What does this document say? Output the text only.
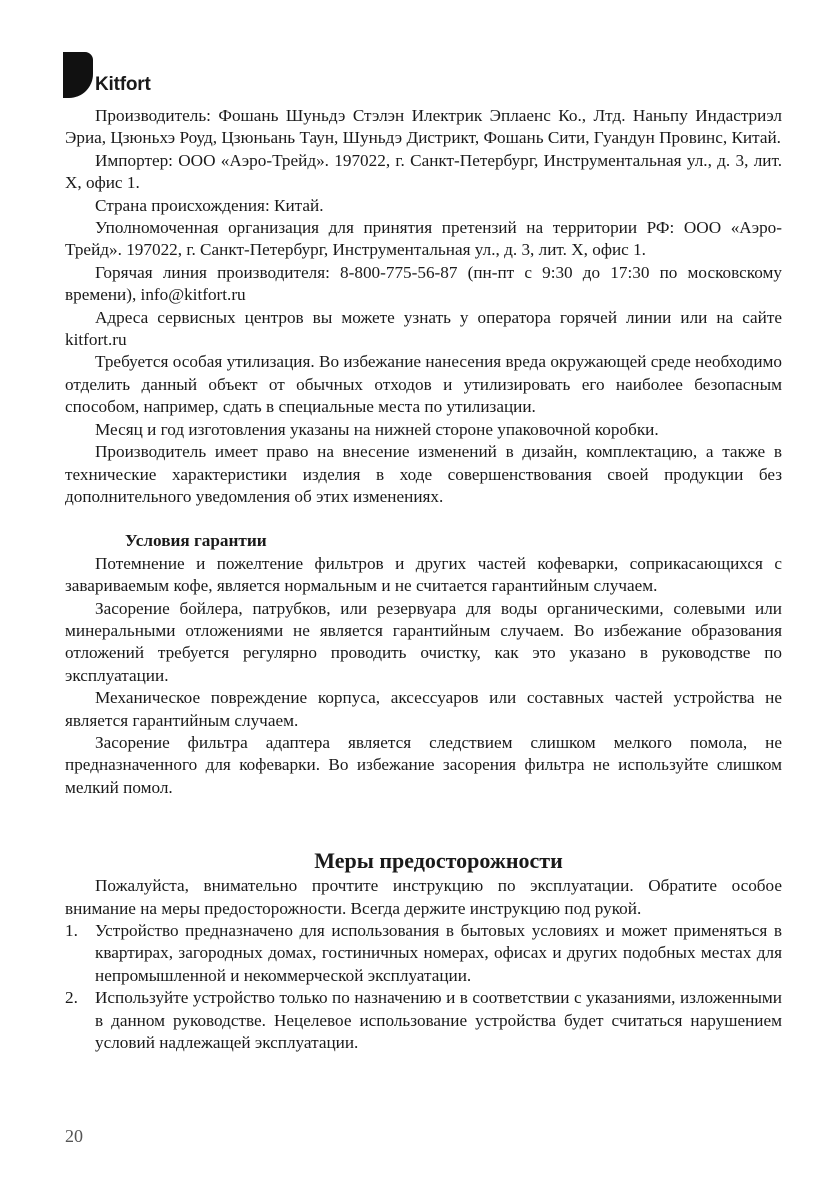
Kitfort

Производитель: Фошань Шуньдэ Стэлэн Илектрик Эплаенс Ко., Лтд. Наньпу Индастриэл Эриа, Цзюньхэ Роуд, Цзюньань Таун, Шуньдэ Дистрикт, Фошань Сити, Гуандун Провинс, Китай.

Импортер: ООО «Аэро-Трейд». 197022, г. Санкт-Петербург, Инструментальная ул., д. 3, лит. Х, офис 1.

Страна происхождения: Китай.

Уполномоченная организация для принятия претензий на территории РФ: ООО «Аэро-Трейд». 197022, г. Санкт-Петербург, Инструментальная ул., д. 3, лит. Х, офис 1.

Горячая линия производителя: 8-800-775-56-87 (пн-пт с 9:30 до 17:30 по московскому времени), info@kitfort.ru

Адреса сервисных центров вы можете узнать у оператора горячей линии или на сайте kitfort.ru

Требуется особая утилизация. Во избежание нанесения вреда окружающей среде необходимо отделить данный объект от обычных отходов и утилизировать его наиболее безопасным способом, например, сдать в специальные места по утилизации.

Месяц и год изготовления указаны на нижней стороне упаковочной коробки.

Производитель имеет право на внесение изменений в дизайн, комплектацию, а также в технические характеристики изделия в ходе совершенствования своей продукции без дополнительного уведомления об этих изменениях.

Условия гарантии

Потемнение и пожелтение фильтров и других частей кофеварки, соприкасающихся с завариваемым кофе, является нормальным и не считается гарантийным случаем.

Засорение бойлера, патрубков, или резервуара для воды органическими, солевыми или минеральными отложениями не является гарантийным случаем. Во избежание образования отложений требуется регулярно проводить очистку, как это указано в руководстве по эксплуатации.

Механическое повреждение корпуса, аксессуаров или составных частей устройства не является гарантийным случаем.

Засорение фильтра адаптера является следствием слишком мелкого помола, не предназначенного для кофеварки. Во избежание засорения фильтра не используйте слишком мелкий помол.

Меры предосторожности

Пожалуйста, внимательно прочтите инструкцию по эксплуатации. Обратите особое внимание на меры предосторожности. Всегда держите инструкцию под рукой.

1. Устройство предназначено для использования в бытовых условиях и может применяться в квартирах, загородных домах, гостиничных номерах, офисах и других подобных местах для непромышленной и некоммерческой эксплуатации.
2. Используйте устройство только по назначению и в соответствии с указаниями, изложенными в данном руководстве. Нецелевое использование устройства будет считаться нарушением условий надлежащей эксплуатации.
20
